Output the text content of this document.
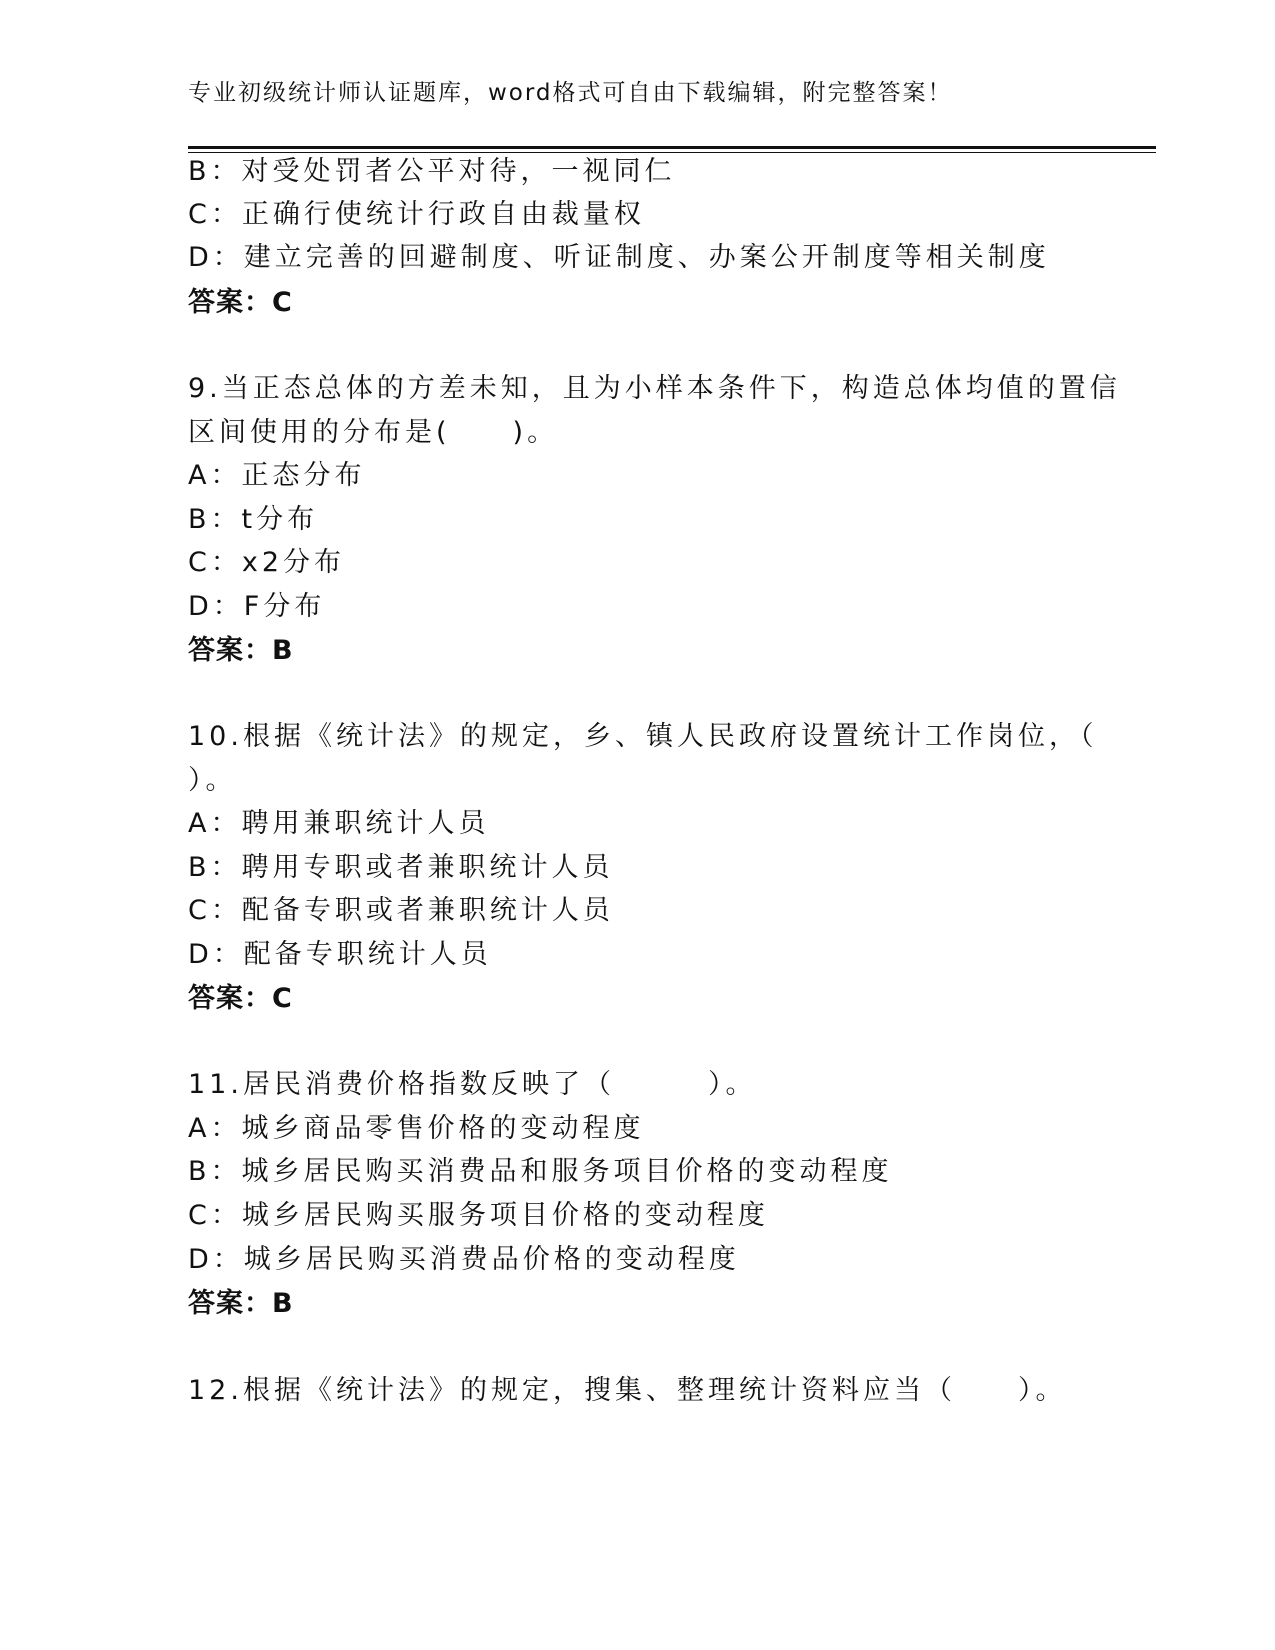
专业初级统计师认证题库，word格式可自由下载编辑，附完整答案！
B：对受处罚者公平对待，一视同仁
C：正确行使统计行政自由裁量权
D：建立完善的回避制度、听证制度、办案公开制度等相关制度
答案：C
9.当正态总体的方差未知，且为小样本条件下，构造总体均值的置信
区间使用的分布是(　　)。
A：正态分布
B：t分布
C：x2分布
D：F分布
答案：B
10.根据《统计法》的规定，乡、镇人民政府设置统计工作岗位，（
）。
A：聘用兼职统计人员
B：聘用专职或者兼职统计人员
C：配备专职或者兼职统计人员
D：配备专职统计人员
答案：C
11.居民消费价格指数反映了（　　　）。
A：城乡商品零售价格的变动程度
B：城乡居民购买消费品和服务项目价格的变动程度
C：城乡居民购买服务项目价格的变动程度
D：城乡居民购买消费品价格的变动程度
答案：B
12.根据《统计法》的规定，搜集、整理统计资料应当（　　）。
